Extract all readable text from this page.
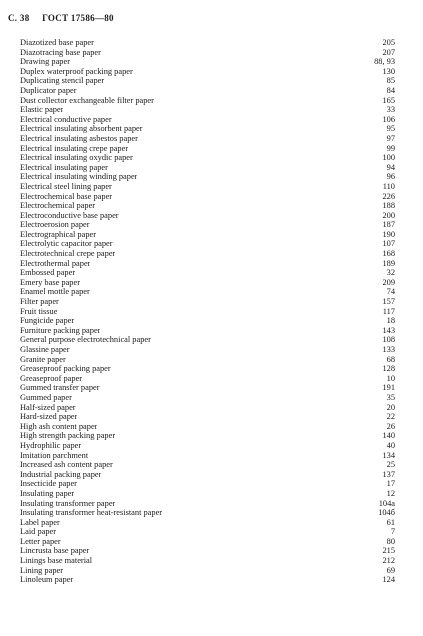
С. 38 ГОСТ 17586—80
Diazotized base paper	205
Diazotracing base paper	207
Drawing paper	88, 93
Duplex waterproof packing paper	130
Duplicating stencil paper	85
Duplicator paper	84
Dust collector exchangeable filter paper	165
Elastic paper	33
Electrical conductive paper	106
Electrical insulating absorbent paper	95
Electrical insulating asbestos paper	97
Electrical insulating crepe paper	99
Electrical insulating oxydic paper	100
Electrical insulating paper	94
Electrical insulating winding paper	96
Electrical steel lining paper	110
Electrochemical base paper	226
Electrochemical paper	188
Electroconductive base paper	200
Electroerosion paper	187
Electrographical paper	190
Electrolytic capacitor paper	107
Electrotechnical crepe paper	168
Electrothermal paper	189
Embossed paper	32
Emery base paper	209
Enamel mottle paper	74
Filter paper	157
Fruit tissue	117
Fungicide paper	18
Furniture packing paper	143
General purpose electrotechnical paper	108
Glassine paper	133
Granite paper	68
Greaseproof packing paper	128
Greaseproof paper	10
Gummed transfer paper	191
Gummed paper	35
Half-sized paper	20
Hard-sized paper	22
High ash content paper	26
High strength packing paper	140
Hydrophilic paper	40
Imitation parchment	134
Increased ash content paper	25
Industrial packing paper	137
Insecticide paper	17
Insulating paper	12
Insulating transformer paper	104a
Insulating transformer heat-resistant paper	104б
Label paper	61
Laid paper	7
Letter paper	80
Lincrusta base paper	215
Linings base material	212
Lining paper	69
Linoleum paper	124
